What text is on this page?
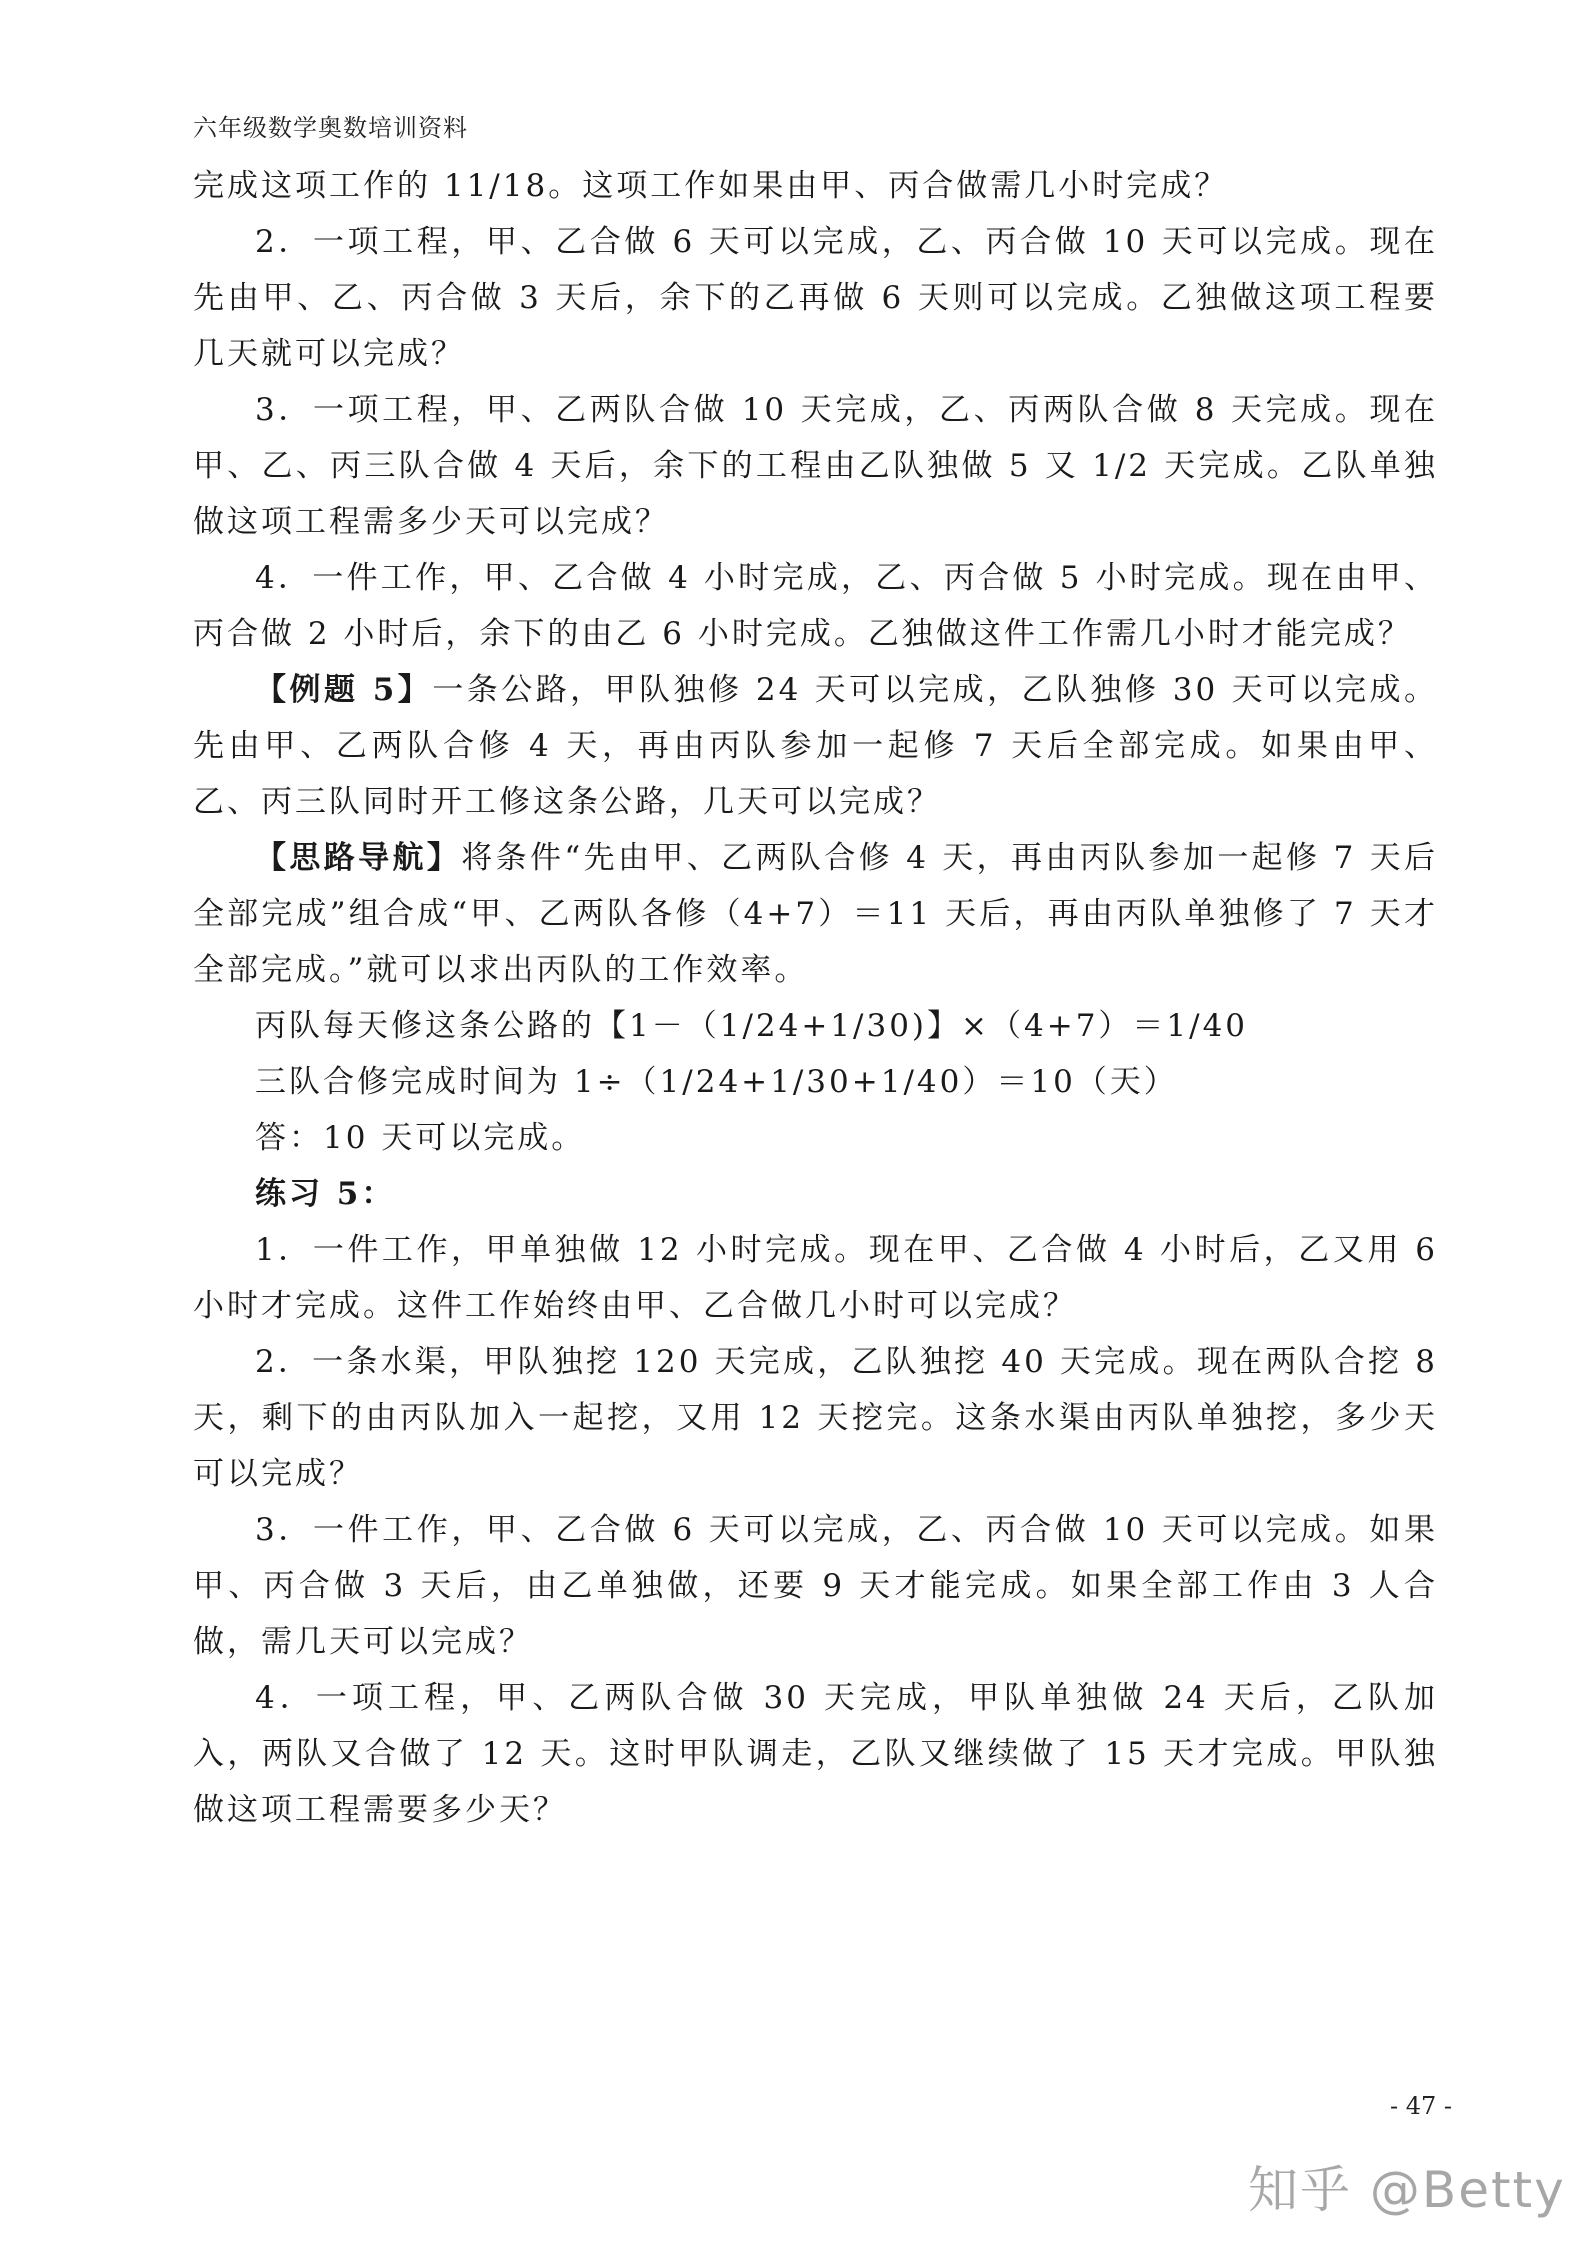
六年级数学奥数培训资料

完成这项工作的 11/18。这项工作如果由甲、丙合做需几小时完成？

2．一项工程，甲、乙合做 6 天可以完成，乙、丙合做 10 天可以完成。现在先由甲、乙、丙合做 3 天后，余下的乙再做 6 天则可以完成。乙独做这项工程要几天就可以完成？

3．一项工程，甲、乙两队合做 10 天完成，乙、丙两队合做 8 天完成。现在甲、乙、丙三队合做 4 天后，余下的工程由乙队独做 5 又 1/2 天完成。乙队单独做这项工程需多少天可以完成？

4．一件工作，甲、乙合做 4 小时完成，乙、丙合做 5 小时完成。现在由甲、丙合做 2 小时后，余下的由乙 6 小时完成。乙独做这件工作需几小时才能完成？

【例题 5】一条公路，甲队独修 24 天可以完成，乙队独修 30 天可以完成。先由甲、乙两队合修 4 天，再由丙队参加一起修 7 天后全部完成。如果由甲、乙、丙三队同时开工修这条公路，几天可以完成？

【思路导航】将条件“先由甲、乙两队合修 4 天，再由丙队参加一起修 7 天后全部完成”组合成“甲、乙两队各修（4+7）＝11 天后，再由丙队单独修了 7 天才全部完成。”就可以求出丙队的工作效率。

丙队每天修这条公路的【1－（1/24+1/30)】×（4+7）＝1/40

三队合修完成时间为 1÷（1/24+1/30+1/40）＝10（天）

答：10 天可以完成。

练习 5：

1．一件工作，甲单独做 12 小时完成。现在甲、乙合做 4 小时后，乙又用 6 小时才完成。这件工作始终由甲、乙合做几小时可以完成？

2．一条水渠，甲队独挖 120 天完成，乙队独挖 40 天完成。现在两队合挖 8 天，剩下的由丙队加入一起挖，又用 12 天挖完。这条水渠由丙队单独挖，多少天可以完成？

3．一件工作，甲、乙合做 6 天可以完成，乙、丙合做 10 天可以完成。如果甲、丙合做 3 天后，由乙单独做，还要 9 天才能完成。如果全部工作由 3 人合做，需几天可以完成？

4．一项工程，甲、乙两队合做 30 天完成，甲队单独做 24 天后，乙队加入，两队又合做了 12 天。这时甲队调走，乙队又继续做了 15 天才完成。甲队独做这项工程需要多少天？

- 47 -
知乎 @Betty
